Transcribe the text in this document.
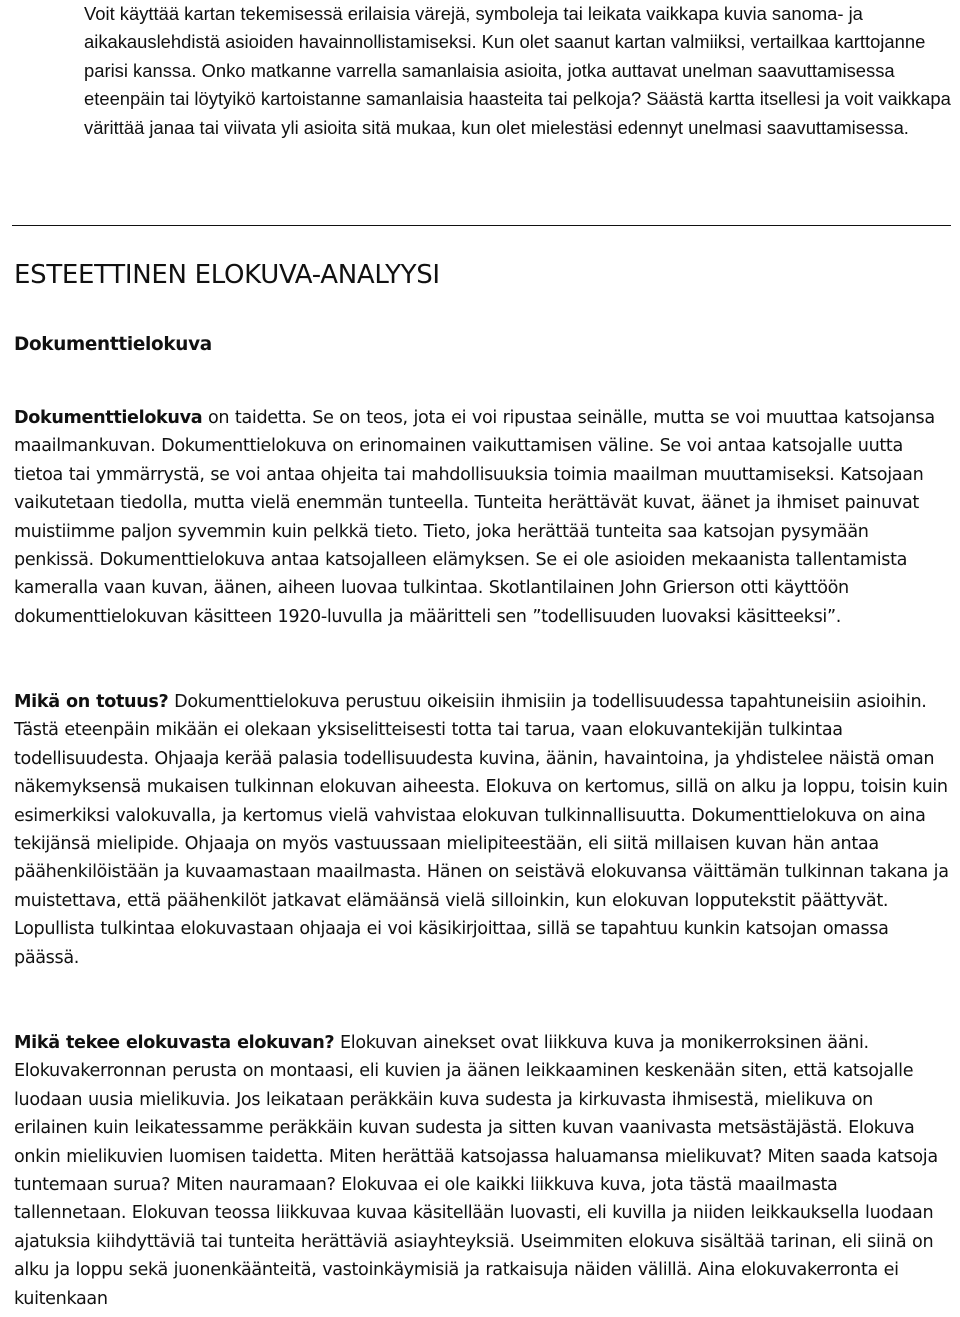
Voit käyttää kartan tekemisessä erilaisia värejä, symboleja tai leikata vaikkapa kuvia sanoma- ja aikakauslehdistä asioiden havainnollistamiseksi. Kun olet saanut kartan valmiiksi, vertailkaa karttojanne parisi kanssa. Onko matkanne varrella samanlaisia asioita, jotka auttavat unelman saavuttamisessa eteenpäin tai löytyikö kartoistanne samanlaisia haasteita tai pelkoja? Säästä kartta itsellesi ja voit vaikkapa värittää janaa tai viivata yli asioita sitä mukaa, kun olet mielestäsi edennyt unelmasi saavuttamisessa.

ESTEETTINEN ELOKUVA-ANALYYSI
Dokumenttielokuva

Dokumenttielokuva on taidetta. Se on teos, jota ei voi ripustaa seinälle, mutta se voi muuttaa katsojansa maailmankuvan. Dokumenttielokuva on erinomainen vaikuttamisen väline. Se voi antaa katsojalle uutta tietoa tai ymmärrystä, se voi antaa ohjeita tai mahdollisuuksia toimia maailman muuttamiseksi. Katsojaan vaikutetaan tiedolla, mutta vielä enemmän tunteella. Tunteita herättävät kuvat, äänet ja ihmiset painuvat muistiimme paljon syvemmin kuin pelkkä tieto. Tieto, joka herättää tunteita saa katsojan pysymään penkissä. Dokumenttielokuva antaa katsojalleen elämyksen. Se ei ole asioiden mekaanista tallentamista kameralla vaan kuvan, äänen, aiheen luovaa tulkintaa. Skotlantilainen John Grierson otti käyttöön dokumenttielokuvan käsitteen 1920-luvulla ja määritteli sen ”todellisuuden luovaksi käsitteeksi”.

Mikä on totuus? Dokumenttielokuva perustuu oikeisiin ihmisiin ja todellisuudessa tapahtuneisiin asioihin. Tästä eteenpäin mikään ei olekaan yksiselitteisesti totta tai tarua, vaan elokuvantekijän tulkintaa todellisuudesta. Ohjaaja kerää palasia todellisuudesta kuvina, äänin, havaintoina, ja yhdistelee näistä oman näkemyksensä mukaisen tulkinnan elokuvan aiheesta. Elokuva on kertomus, sillä on alku ja loppu, toisin kuin esimerkiksi valokuvalla, ja kertomus vielä vahvistaa elokuvan tulkinnallisuutta. Dokumenttielokuva on aina tekijänsä mielipide. Ohjaaja on myös vastuussaan mielipiteestään, eli siitä millaisen kuvan hän antaa päähenkilöistään ja kuvaamastaan maailmasta. Hänen on seistävä elokuvansa väittämän tulkinnan takana ja muistettava, että päähenkilöt jatkavat elämäänsä vielä silloinkin, kun elokuvan lopputekstit päättyvät. Lopullista tulkintaa elokuvastaan ohjaaja ei voi käsikirjoittaa, sillä se tapahtuu kunkin katsojan omassa päässä.

Mikä tekee elokuvasta elokuvan? Elokuvan ainekset ovat liikkuva kuva ja monikerroksinen ääni. Elokuvakerronnan perusta on montaasi, eli kuvien ja äänen leikkaaminen keskenään siten, että katsojalle luodaan uusia mielikuvia. Jos leikataan peräkkäin kuva sudesta ja kirkuvasta ihmisestä, mielikuva on erilainen kuin leikatessamme peräkkäin kuvan sudesta ja sitten kuvan vaanivasta metsästäjästä. Elokuva onkin mielikuvien luomisen taidetta. Miten herättää katsojassa haluamansa mielikuvat? Miten saada katsoja tuntemaan surua? Miten nauramaan? Elokuvaa ei ole kaikki liikkuva kuva, jota tästä maailmasta tallennetaan. Elokuvan teossa liikkuvaa kuvaa käsitellään luovasti, eli kuvilla ja niiden leikkauksella luodaan ajatuksia kiihdyttäviä tai tunteita herättäviä asiayhteyksiä. Useimmiten elokuva sisältää tarinan, eli siinä on alku ja loppu sekä juonenkäänteitä, vastoinkäymisiä ja ratkaisuja näiden välillä. Aina elokuvakerronta ei kuitenkaan
